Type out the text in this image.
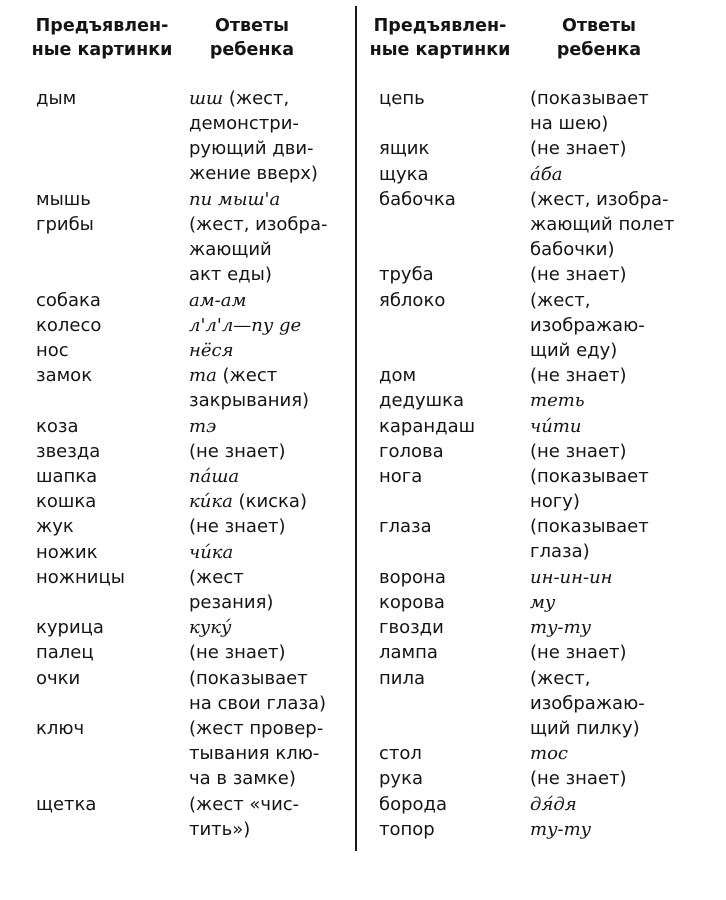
Предъявлен-
ные картинки
Ответы
ребенка
Предъявлен-
ные картинки
Ответы
ребенка
дым	шш (жест,
демонстри-
рующий дви-
жение вверх)
мышь	пи мыш'а
грибы	(жест, изобра-
жающий
акт еды)
собака	ам-ам
колесо	л'л'л—пу ge
нос	нёся
замок	та (жест
закрывания)
коза	тэ
звезда	(не знает)
шапка	па́ша
кошка	ки́ка (киска)
жук	(не знает)
ножик	чи́ка
ножницы	(жест
резания)
курица	куку́
палец	(не знает)
очки	(показывает
на свои глаза)
ключ	(жест провер-
тывания клю-
ча в замке)
щетка	(жест «чис-
тить»)
цепь	(показывает
на шею)
ящик	(не знает)
щука	а́ба
бабочка	(жест, изобра-
жающий полет
бабочки)
труба	(не знает)
яблоко	(жест,
изображаю-
щий еду)
дом	(не знает)
дедушка	теть
карандаш	чи́ти
голова	(не знает)
нога	(показывает
ногу)
глаза	(показывает
глаза)
ворона	ин-ин-ин
корова	му
гвозди	ту-ту
лампа	(не знает)
пила	(жест,
изображаю-
щий пилку)
стол	тос
рука	(не знает)
борода	дя́дя
топор	ту-ту
